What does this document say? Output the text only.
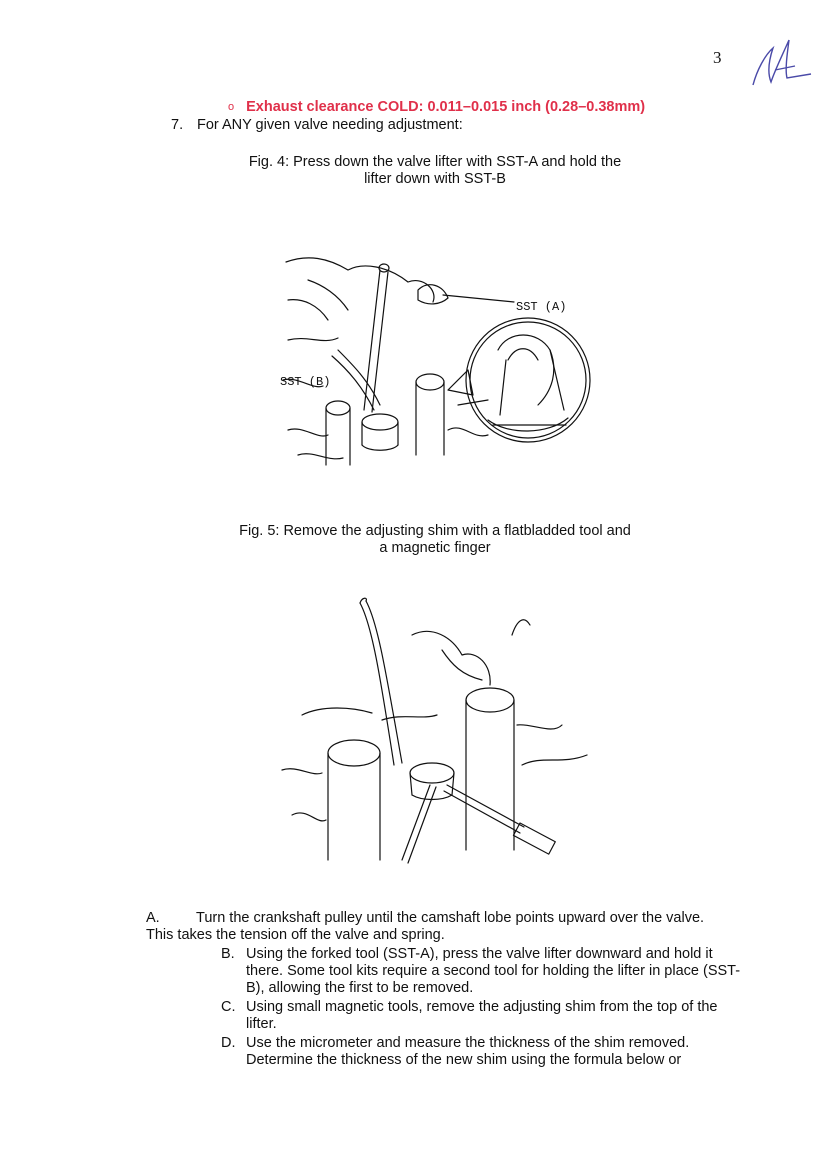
3
o Exhaust clearance COLD: 0.011–0.015 inch (0.28–0.38mm)
7. For ANY given valve needing adjustment:
Fig. 4: Press down the valve lifter with SST-A and hold the
lifter down with SST-B
SST (A)
SST (B)
Fig. 5: Remove the adjusting shim with a flatbladded tool and
a magnetic finger
A.	Turn the crankshaft pulley until the camshaft lobe points upward over the valve. This takes the tension off the valve and spring.
B. Using the forked tool (SST-A), press the valve lifter downward and hold it there. Some tool kits require a second tool for holding the lifter in place (SST-B), allowing the first to be removed.
C. Using small magnetic tools, remove the adjusting shim from the top of the lifter.
D. Use the micrometer and measure the thickness of the shim removed. Determine the thickness of the new shim using the formula below or
